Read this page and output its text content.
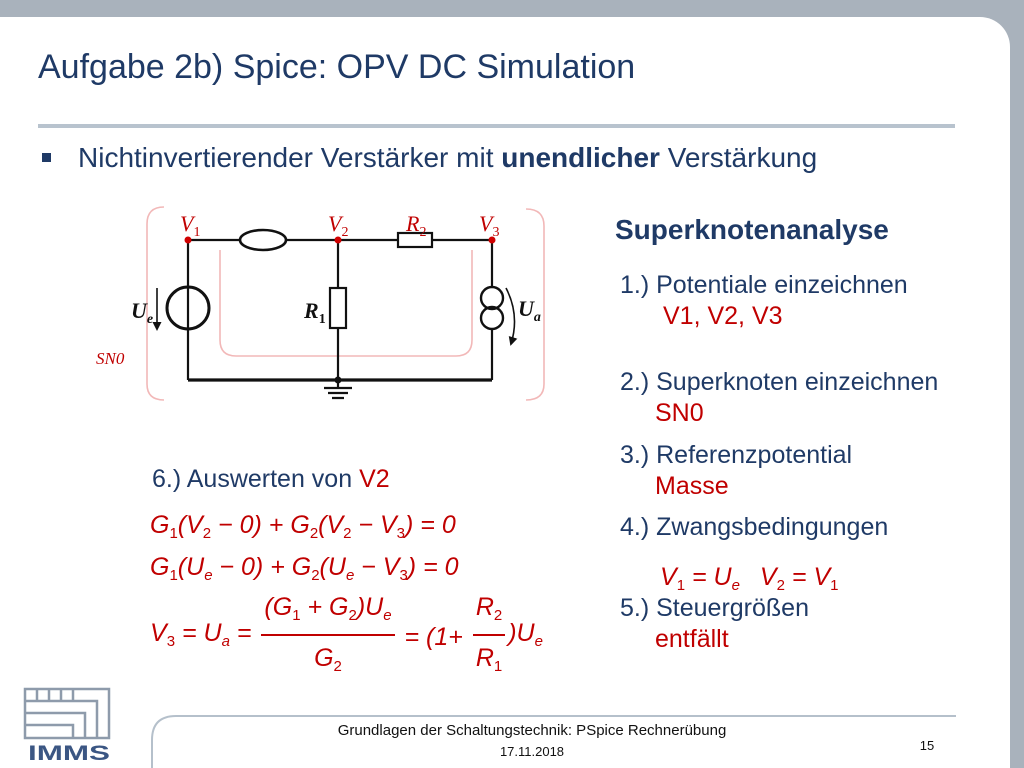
Aufgabe 2b) Spice: OPV DC Simulation
Nichtinvertierender Verstärker mit unendlicher Verstärkung
$V_1$	$V_2$	$R_2$ $V_3$
$U_e$	$R_1$	$U_a$
SN0
Superknotenanalyse
1.) Potentiale einzeichnen
V1, V2, V3
2.) Superknoten einzeichnen
SN0
3.) Referenzpotential
Masse
4.) Zwangsbedingungen
$V_1 = U_e$ $V_2 = V_1$
5.) Steuergrößen
entfällt
6.) Auswerten von V2
$G_1(V_2 - 0) + G_2(V_2 - V_3) = 0$
$G_1(U_e - 0) + G_2(U_e - V_3) = 0$
$V_3 = U_a = \frac{(G_1 + G_2)U_e}{G_2} = (1+ \frac{R_2}{R_1} )U_e$
IMMS
Grundlagen der Schaltungstechnik: PSpice Rechnerübung
17.11.2018	15
